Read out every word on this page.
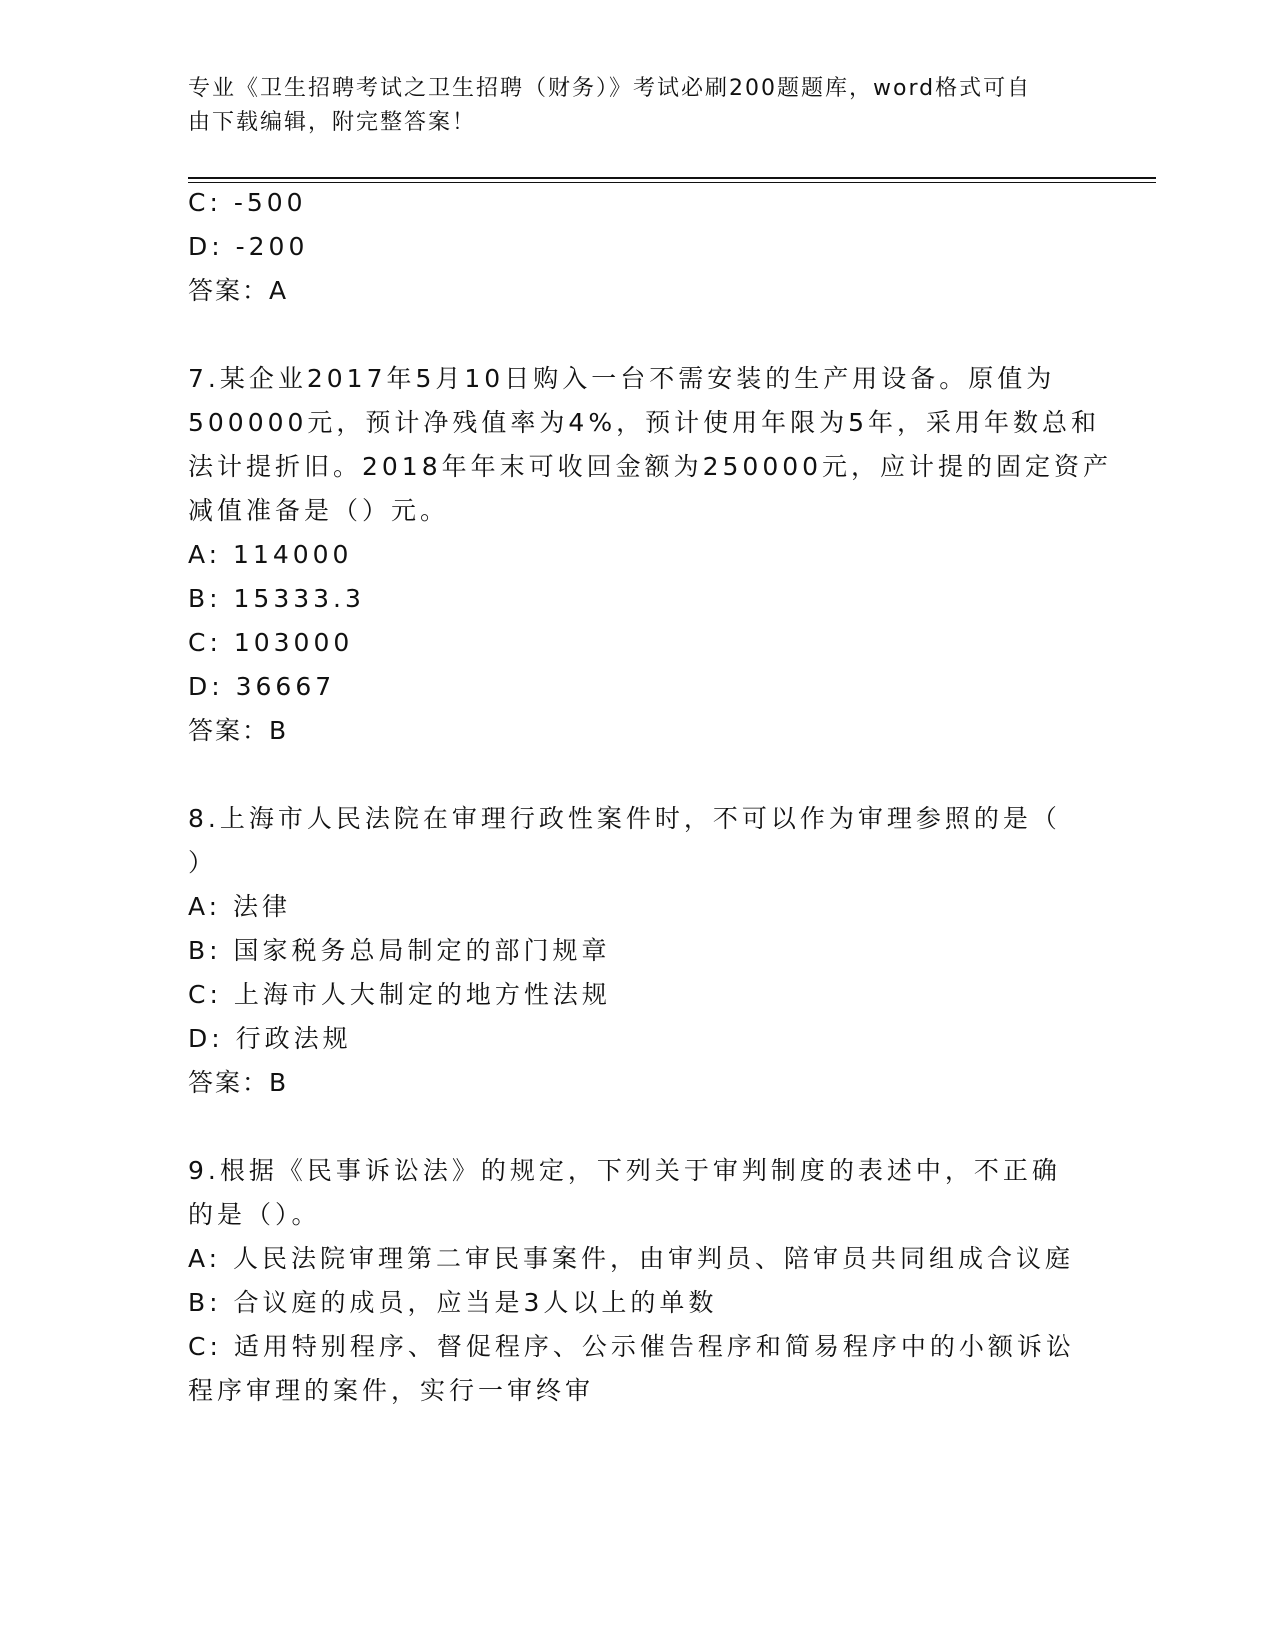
专业《卫生招聘考试之卫生招聘（财务）》考试必刷200题题库，word格式可自
由下载编辑，附完整答案！
C: -500
D: -200
答案：A
7.某企业2017年5月10日购入一台不需安装的生产用设备。原值为
500000元，预计净残值率为4%，预计使用年限为5年，采用年数总和
法计提折旧。2018年年末可收回金额为250000元，应计提的固定资产
减值准备是（）元。
A: 114000
B: 15333.3
C: 103000
D: 36667
答案：B
8.上海市人民法院在审理行政性案件时，不可以作为审理参照的是（
）
A: 法律
B: 国家税务总局制定的部门规章
C: 上海市人大制定的地方性法规
D: 行政法规
答案：B
9.根据《民事诉讼法》的规定，下列关于审判制度的表述中，不正确
的是（）。
A: 人民法院审理第二审民事案件，由审判员、陪审员共同组成合议庭
B: 合议庭的成员，应当是3人以上的单数
C: 适用特别程序、督促程序、公示催告程序和简易程序中的小额诉讼
程序审理的案件，实行一审终审
